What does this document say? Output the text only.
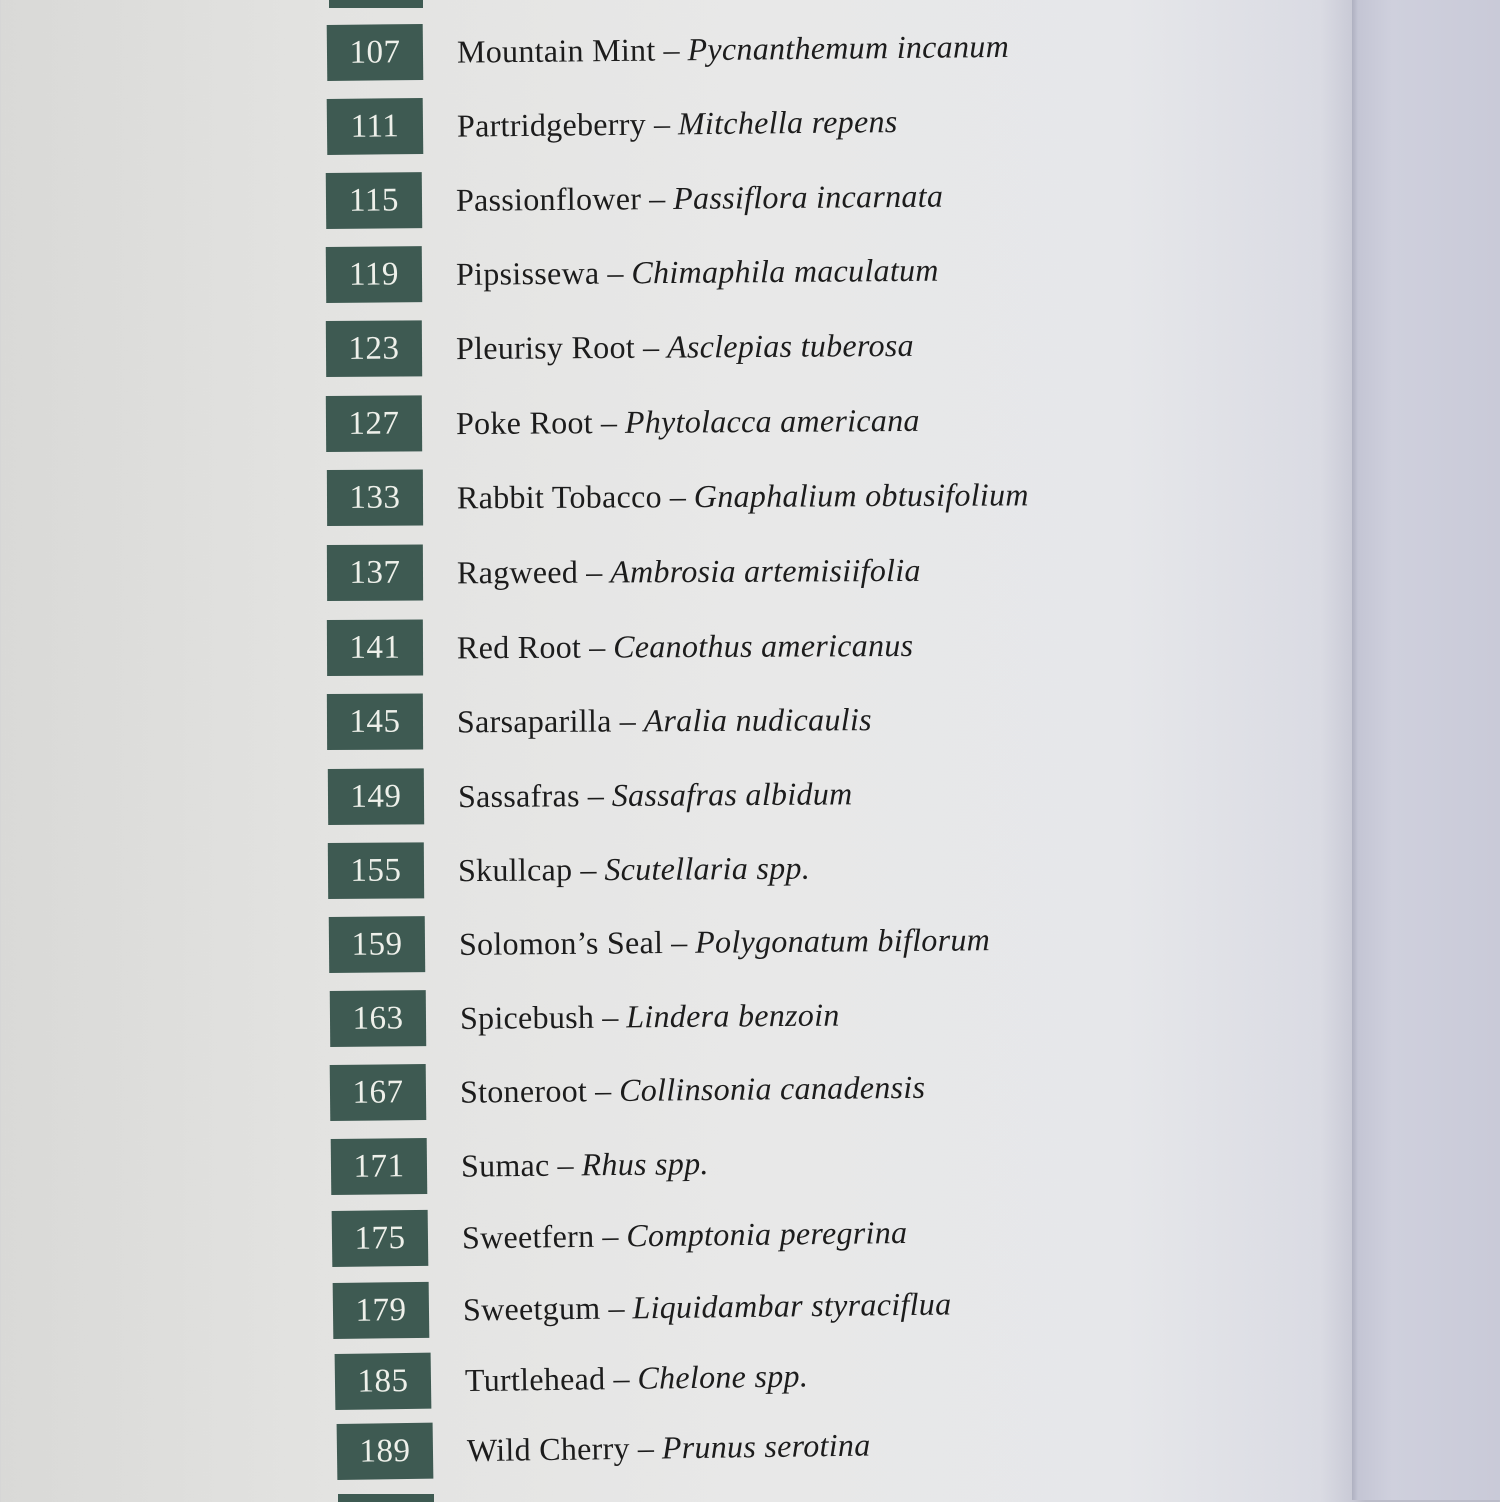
107	Mountain Mint – Pycnanthemum incanum
111	Partridgeberry – Mitchella repens
115	Passionflower – Passiflora incarnata
119	Pipsissewa – Chimaphila maculatum
123	Pleurisy Root – Asclepias tuberosa
127	Poke Root – Phytolacca americana
133	Rabbit Tobacco – Gnaphalium obtusifolium
137	Ragweed – Ambrosia artemisiifolia
141	Red Root – Ceanothus americanus
145	Sarsaparilla – Aralia nudicaulis
149	Sassafras – Sassafras albidum
155	Skullcap – Scutellaria spp.
159	Solomon’s Seal – Polygonatum biflorum
163	Spicebush – Lindera benzoin
167	Stoneroot – Collinsonia canadensis
171	Sumac – Rhus spp.
175	Sweetfern – Comptonia peregrina
179	Sweetgum – Liquidambar styraciflua
185	Turtlehead – Chelone spp.
189	Wild Cherry – Prunus serotina
